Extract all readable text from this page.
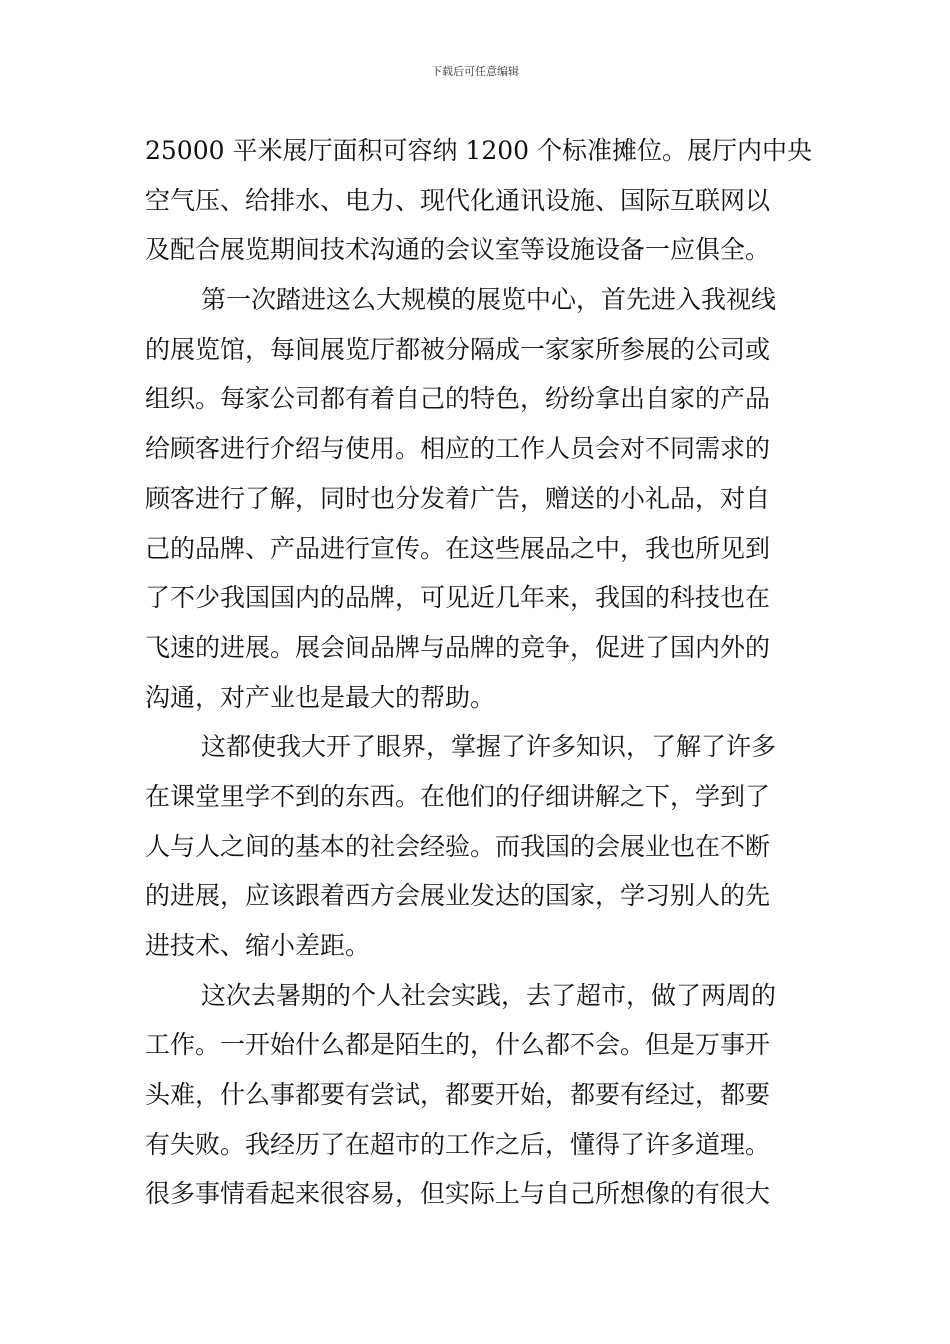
下载后可任意编辑
25000 平米展厅面积可容纳 1200 个标准摊位。展厅内中央
空气压、给排水、电力、现代化通讯设施、国际互联网以
及配合展览期间技术沟通的会议室等设施设备一应俱全。
第一次踏进这么大规模的展览中心，首先进入我视线
的展览馆，每间展览厅都被分隔成一家家所参展的公司或
组织。每家公司都有着自己的特色，纷纷拿出自家的产品
给顾客进行介绍与使用。相应的工作人员会对不同需求的
顾客进行了解，同时也分发着广告，赠送的小礼品，对自
己的品牌、产品进行宣传。在这些展品之中，我也所见到
了不少我国国内的品牌，可见近几年来，我国的科技也在
飞速的进展。展会间品牌与品牌的竞争，促进了国内外的
沟通，对产业也是最大的帮助。
这都使我大开了眼界，掌握了许多知识，了解了许多
在课堂里学不到的东西。在他们的仔细讲解之下，学到了
人与人之间的基本的社会经验。而我国的会展业也在不断
的进展，应该跟着西方会展业发达的国家，学习别人的先
进技术、缩小差距。
这次去暑期的个人社会实践，去了超市，做了两周的
工作。一开始什么都是陌生的，什么都不会。但是万事开
头难，什么事都要有尝试，都要开始，都要有经过，都要
有失败。我经历了在超市的工作之后，懂得了许多道理。
很多事情看起来很容易，但实际上与自己所想像的有很大
